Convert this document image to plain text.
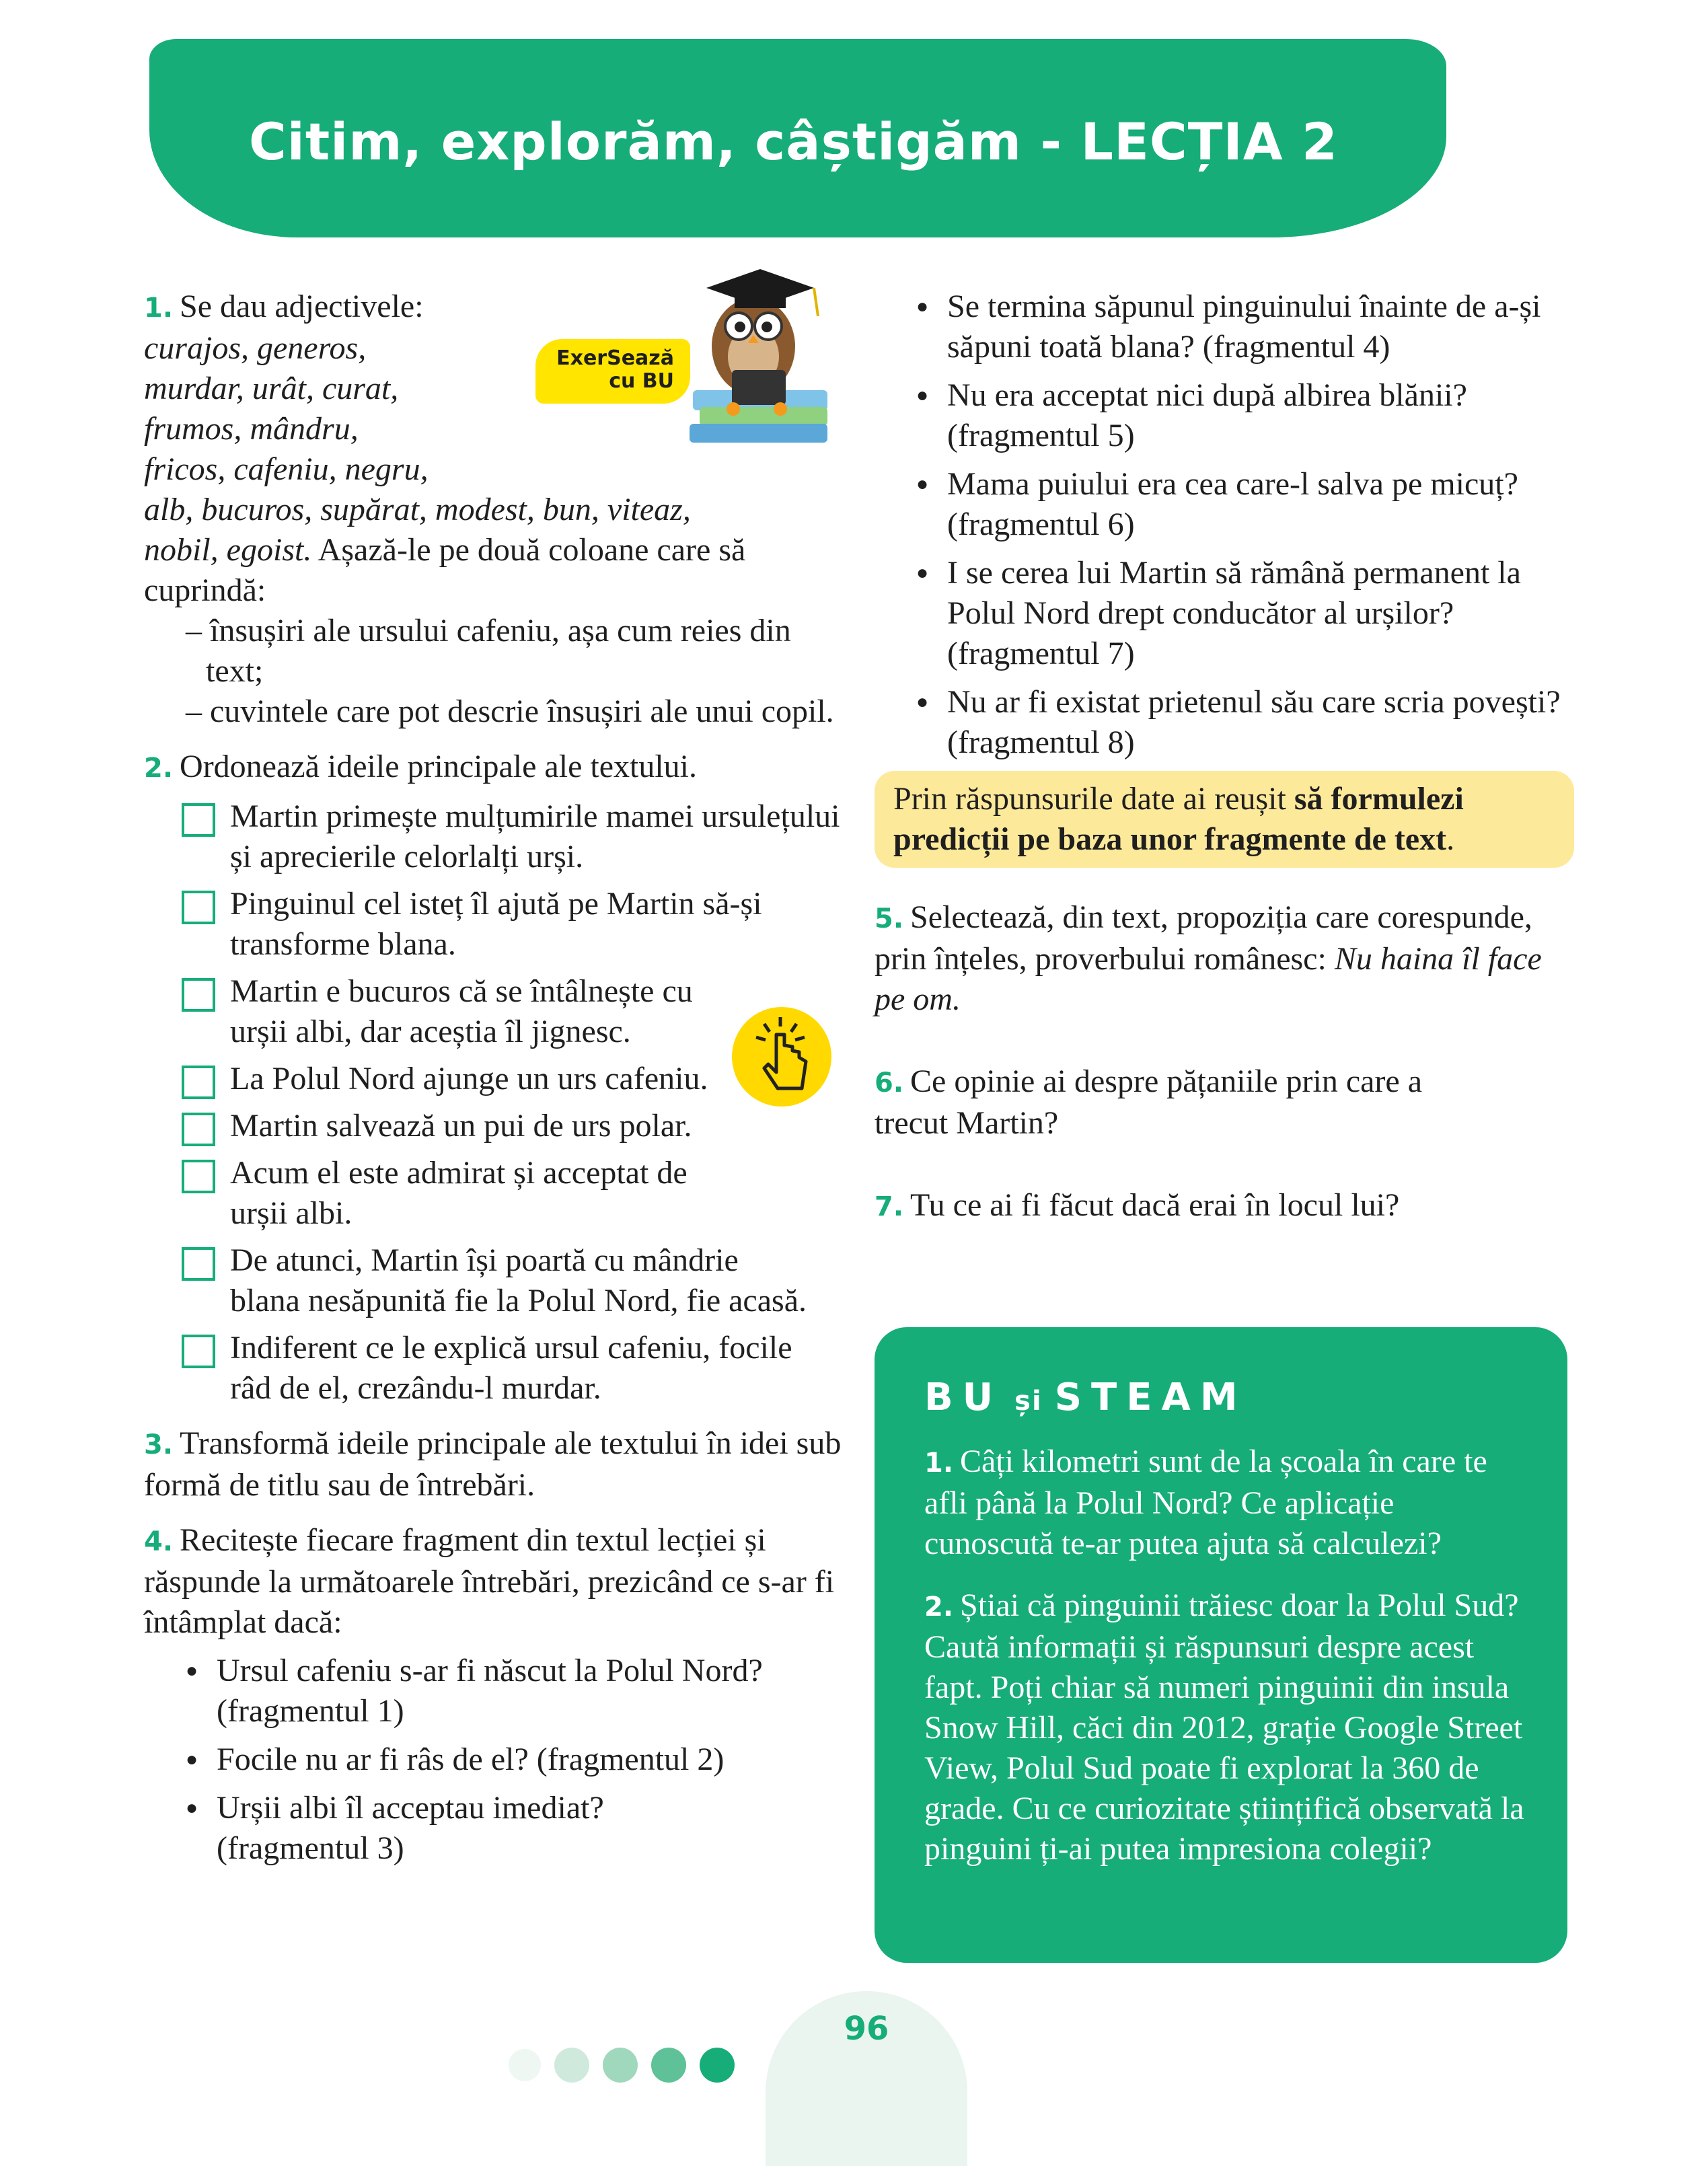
Citim, explorăm, câștigăm - LECȚIA 2
ExerSează
cu BU

1. Se dau adjectivele:

curajos, generos,

murdar, urât, curat,

frumos, mândru,

fricos, cafeniu, negru,

alb, bucuros, supărat, modest, bun, viteaz,

nobil, egoist. Așază-le pe două coloane care să cuprindă:

– însușiri ale ursului cafeniu, așa cum reies din text;

– cuvintele care pot descrie însușiri ale unui copil.

2. Ordonează ideile principale ale textului.

Martin primește mulțumirile mamei ursulețului și aprecierile celorlalți urși.
Pinguinul cel isteț îl ajută pe Martin să-și transforme blana.
Martin e bucuros că se întâlnește cu urșii albi, dar aceștia îl jignesc.
La Polul Nord ajunge un urs cafeniu.
Martin salvează un pui de urs polar.
Acum el este admirat și acceptat de urșii albi.
De atunci, Martin își poartă cu mândrie blana nesăpunită fie la Polul Nord, fie acasă.
Indiferent ce le explică ursul cafeniu, focile râd de el, crezându-l murdar.

3. Transformă ideile principale ale textului în idei sub formă de titlu sau de întrebări.

4. Recitește fiecare fragment din textul lecției și răspunde la următoarele întrebări, prezicând ce s-ar fi întâmplat dacă:

● Ursul cafeniu s-ar fi născut la Polul Nord? (fragmentul 1)
● Focile nu ar fi râs de el? (fragmentul 2)
● Urșii albi îl acceptau imediat? (fragmentul 3)
● Se termina săpunul pinguinului înainte de a-și săpuni toată blana? (fragmentul 4)
● Nu era acceptat nici după albirea blănii? (fragmentul 5)
● Mama puiului era cea care-l salva pe micuț? (fragmentul 6)
● I se cerea lui Martin să rămână permanent la Polul Nord drept conducător al urșilor? (fragmentul 7)
● Nu ar fi existat prietenul său care scria povești? (fragmentul 8)
Prin răspunsurile date ai reușit să formulezi predicții pe baza unor fragmente de text.

5. Selectează, din text, propoziția care corespunde, prin înțeles, proverbului românesc: Nu haina îl face pe om.

6. Ce opinie ai despre pățaniile prin care a trecut Martin?

7. Tu ce ai fi făcut dacă erai în locul lui?

BU și STEAM

1. Câți kilometri sunt de la școala în care te afli până la Polul Nord? Ce aplicație cunoscută te-ar putea ajuta să calculezi?

2. Știai că pinguinii trăiesc doar la Polul Sud? Caută informații și răspunsuri despre acest fapt. Poți chiar să numeri pinguinii din insula Snow Hill, căci din 2012, grație Google Street View, Polul Sud poate fi explorat la 360 de grade. Cu ce curiozitate științifică observată la pinguini ți-ai putea impresiona colegii?

96
